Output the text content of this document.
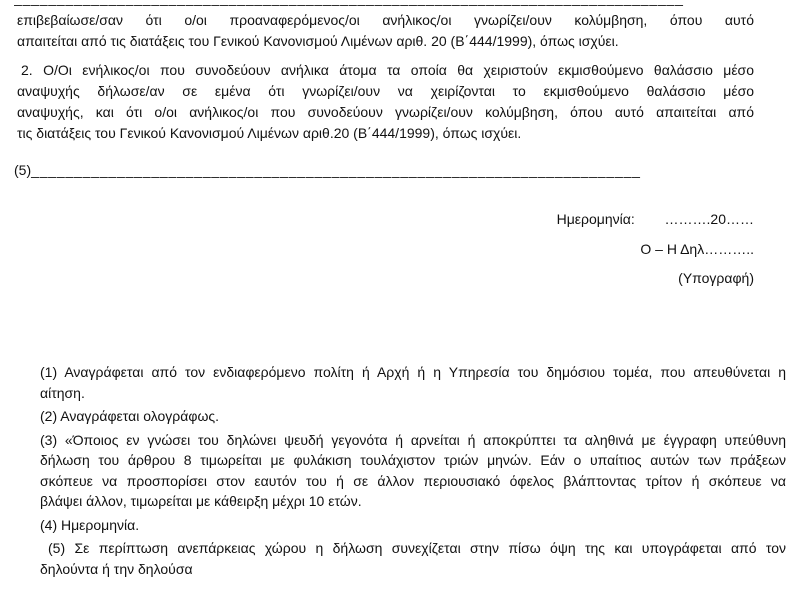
επιβεβαίωσε/σαν ότι ο/οι προαναφερόμενος/οι ανήλικος/οι γνωρίζει/ουν κολύμβηση, όπου αυτό

απαιτείται από τις διατάξεις του Γενικού Κανονισμού Λιμένων αριθ. 20 (Β΄444/1999), όπως ισχύει.

2. Ο/Οι ενήλικος/οι που συνοδεύουν ανήλικα άτομα τα οποία θα χειριστούν εκμισθούμενο θαλάσσιο μέσο

αναψυχής δήλωσε/αν σε εμένα ότι γνωρίζει/ουν να χειρίζονται το εκμισθούμενο θαλάσσιο μέσο

αναψυχής, και ότι ο/οι ανήλικος/οι που συνοδεύουν γνωρίζει/ουν κολύμβηση, όπου αυτό απαιτείται από

τις διατάξεις του Γενικού Κανονισμού Λιμένων αριθ.20 (Β΄444/1999), όπως ισχύει.

(5)_______________________________________________________________________
Ημερομηνία: ……….20……
Ο – Η Δηλ………..
(Υπογραφή)

(1) Αναγράφεται από τον ενδιαφερόμενο πολίτη ή Αρχή ή η Υπηρεσία του δημόσιου τομέα, που απευθύνεται η

αίτηση.

(2) Αναγράφεται ολογράφως.

(3) «Όποιος εν γνώσει του δηλώνει ψευδή γεγονότα ή αρνείται ή αποκρύπτει τα αληθινά με έγγραφη υπεύθυνη

δήλωση του άρθρου 8 τιμωρείται με φυλάκιση τουλάχιστον τριών μηνών. Εάν ο υπαίτιος αυτών των πράξεων

σκόπευε να προσπορίσει στον εαυτόν του ή σε άλλον περιουσιακό όφελος βλάπτοντας τρίτον ή σκόπευε να

βλάψει άλλον, τιμωρείται με κάθειρξη μέχρι 10 ετών.

(4) Ημερομηνία.

(5) Σε περίπτωση ανεπάρκειας χώρου η δήλωση συνεχίζεται στην πίσω όψη της και υπογράφεται από τον

δηλούντα ή την δηλούσα
